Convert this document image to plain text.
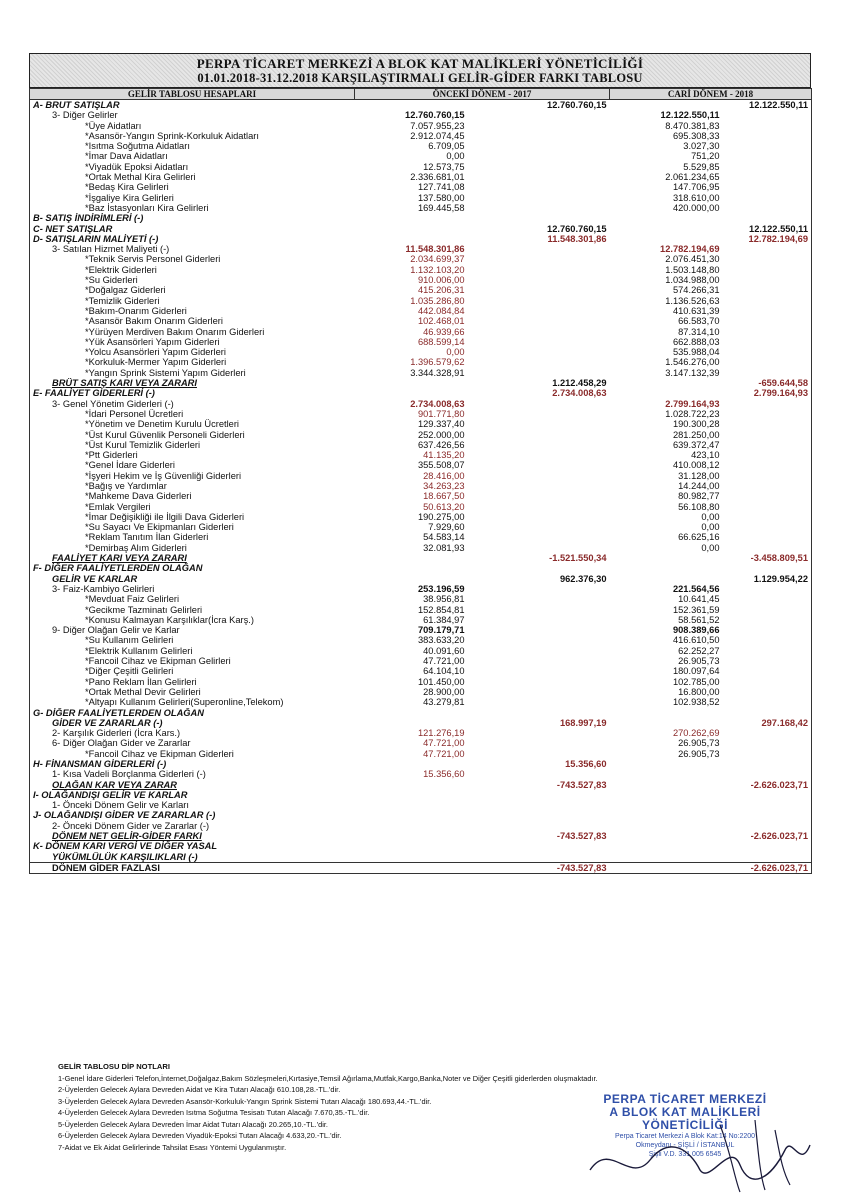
PERPA TİCARET MERKEZİ A BLOK KAT MALİKLERİ YÖNETİCİLİĞİ
01.01.2018-31.12.2018 KARŞILAŞTIRMALI GELİR-GİDER FARKI TABLOSU
GELİR TABLOSU HESAPLARI	ÖNCEKİ DÖNEM - 2017		CARİ DÖNEM - 2018	
A- BRUT SATIŞLAR		12.760.760,15		12.122.550,11
3- Diğer Gelirler	12.760.760,15		12.122.550,11	
*Üye Aidatları	7.057.955,23		8.470.381,83	
*Asansör-Yangın Sprink-Korkuluk Aidatları	2.912.074,45		695.308,33	
*Isıtma Soğutma Aidatları	6.709,05		3.027,30	
*İmar Dava Aidatları	0,00		751,20	
*Viyadük Epoksi Aidatları	12.573,75		5.529,85	
*Ortak Methal Kira Gelirleri	2.336.681,01		2.061.234,65	
*Bedaş Kira Gelirleri	127.741,08		147.706,95	
*İşgaliye Kira Gelirleri	137.580,00		318.610,00	
*Baz İstasyonları Kira Gelirleri	169.445,58		420.000,00	
B- SATIŞ İNDİRİMLERİ (-)				
C- NET SATIŞLAR		12.760.760,15		12.122.550,11
D- SATIŞLARIN MALİYETİ (-)		11.548.301,86		12.782.194,69
3- Satılan Hizmet Maliyeti (-)	11.548.301,86		12.782.194,69	
*Teknik Servis Personel Giderleri	2.034.699,37		2.076.451,30	
*Elektrik Giderleri	1.132.103,20		1.503.148,80	
*Su Giderleri	910.006,00		1.034.988,00	
*Doğalgaz Giderleri	415.206,31		574.266,31	
*Temizlik Giderleri	1.035.286,80		1.136.526,63	
*Bakım-Onarım Giderleri	442.084,84		410.631,39	
*Asansör Bakım Onarım Giderleri	102.468,01		66.583,70	
*Yürüyen Merdiven Bakım Onarım Giderleri	46.939,66		87.314,10	
*Yük Asansörleri Yapım Giderleri	688.599,14		662.888,03	
*Yolcu Asansörleri Yapım Giderleri	0,00		535.988,04	
*Korkuluk-Mermer Yapım Giderleri	1.396.579,62		1.546.276,00	
*Yangın Sprink Sistemi Yapım Giderleri	3.344.328,91		3.147.132,39	
BRÜT SATIŞ KARI VEYA ZARARI		1.212.458,29		-659.644,58
E- FAALİYET GİDERLERİ (-)		2.734.008,63		2.799.164,93
3- Genel Yönetim Giderleri (-)	2.734.008,63		2.799.164,93	
*İdari Personel Ücretleri	901.771,80		1.028.722,23	
*Yönetim ve Denetim Kurulu Ücretleri	129.337,40		190.300,28	
*Üst Kurul Güvenlik Personeli Giderleri	252.000,00		281.250,00	
*Üst Kurul Temizlik Giderleri	637.426,56		639.372,47	
*Ptt Giderleri	41.135,20		423,10	
*Genel İdare Giderleri	355.508,07		410.008,12	
*İşyeri Hekim ve İş Güvenliği Giderleri	28.416,00		31.128,00	
*Bağış ve Yardımlar	34.263,23		14.244,00	
*Mahkeme Dava Giderleri	18.667,50		80.982,77	
*Emlak Vergileri	50.613,20		56.108,80	
*İmar Değişikliği ile İlgili Dava Giderleri	190.275,00		0,00	
*Su Sayacı Ve Ekipmanları Giderleri	7.929,60		0,00	
*Reklam Tanıtım İlan Giderleri	54.583,14		66.625,16	
*Demirbaş Alım Giderleri	32.081,93		0,00	
FAALİYET KARI VEYA ZARARI		-1.521.550,34		-3.458.809,51
F- DİĞER FAALİYETLERDEN OLAĞAN				
GELİR VE KARLAR		962.376,30		1.129.954,22
3- Faiz-Kambiyo Gelirleri	253.196,59		221.564,56	
*Mevduat Faiz Gelirleri	38.956,81		10.641,45	
*Gecikme Tazminatı Gelirleri	152.854,81		152.361,59	
*Konusu Kalmayan Karşılıklar(İcra Karş.)	61.384,97		58.561,52	
9- Diğer Olağan Gelir ve Karlar	709.179,71		908.389,66	
*Su Kullanım Gelirleri	383.633,20		416.610,50	
*Elektrik Kullanım Gelirleri	40.091,60		62.252,27	
*Fancoil Cihaz ve Ekipman Gelirleri	47.721,00		26.905,73	
*Diğer Çeşitli Gelirleri	64.104,10		180.097,64	
*Pano Reklam İlan Gelirleri	101.450,00		102.785,00	
*Ortak Methal Devir Gelirleri	28.900,00		16.800,00	
*Altyapı Kullanım Gelirleri(Superonline,Telekom)	43.279,81		102.938,52	
G- DİĞER FAALİYETLERDEN OLAĞAN				
GİDER VE ZARARLAR (-)		168.997,19		297.168,42
2- Karşılık Giderleri (İcra Kars.)	121.276,19		270.262,69	
6- Diğer Olağan Gider ve Zararlar	47.721,00		26.905,73	
*Fancoil Cihaz ve Ekipman Giderleri	47.721,00		26.905,73	
H- FİNANSMAN GİDERLERİ (-)		15.356,60		
1- Kısa Vadeli Borçlanma Giderleri (-)	15.356,60			
OLAĞAN KAR VEYA ZARAR		-743.527,83		-2.626.023,71
I- OLAĞANDIŞI GELİR VE KARLAR				
1- Önceki Dönem Gelir ve Karları				
J- OLAĞANDIŞI GİDER VE ZARARLAR (-)				
2- Önceki Dönem Gider ve Zararlar (-)				
DÖNEM NET GELİR-GİDER FARKI		-743.527,83		-2.626.023,71
K- DÖNEM KARI VERGİ VE DİĞER YASAL				
YÜKÜMLÜLÜK KARŞILIKLARI (-)				
DÖNEM GİDER FAZLASI		-743.527,83		-2.626.023,71
GELİR TABLOSU DİP NOTLARI
1-Genel İdare Giderleri Telefon,İnternet,Doğalgaz,Bakım Sözleşmeleri,Kırtasiye,Temsil Ağırlama,Mutfak,Kargo,Banka,Noter ve Diğer Çeşitli giderlerden oluşmaktadır.
2-Üyelerden Gelecek Aylara Devreden Aidat ve Kira Tutarı Alacağı 610.108,28.-TL.'dir.
3-Üyelerden Gelecek Aylara Devreden Asansör-Korkuluk-Yangın Sprink Sistemi Tutarı Alacağı 180.693,44.-TL.'dir.
4-Üyelerden Gelecek Aylara Devreden Isıtma Soğutma Tesisatı Tutarı Alacağı 7.670,35.-TL.'dir.
5-Üyelerden Gelecek Aylara Devreden İmar Aidat Tutarı Alacağı 20.265,10.-TL.'dir.
6-Üyelerden Gelecek Aylara Devreden Viyadük-Epoksi Tutarı Alacağı 4.633,20.-TL.'dir.
7-Aidat ve Ek Aidat Gelirlerinde Tahsilat Esası Yöntemi Uygulanmıştır.
PERPA TİCARET MERKEZİ
A BLOK KAT MALİKLERİ
YÖNETİCİLİĞİ
Perpa Ticaret Merkezi A Blok Kat:14 No:2200
Okmeydanı - ŞİŞLİ / İSTANBUL
Şişli V.D. 331 005 6545
